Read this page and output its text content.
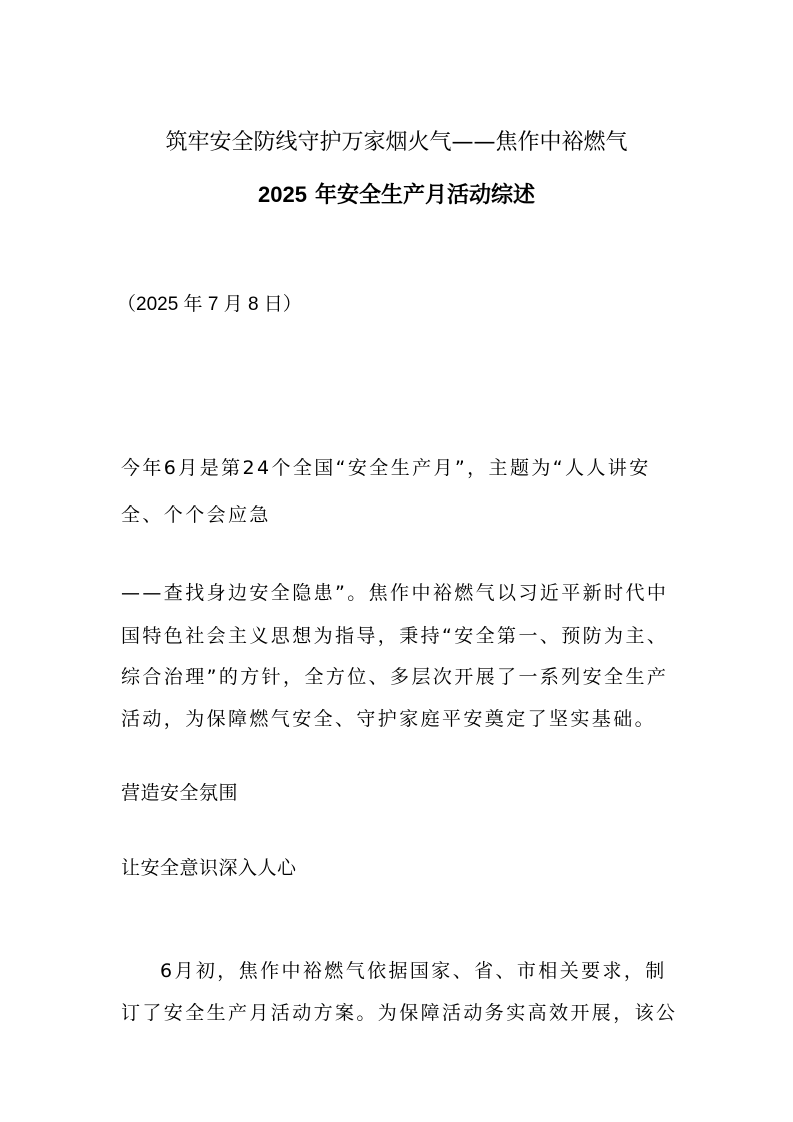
筑牢安全防线守护万家烟火气——焦作中裕燃气
2025 年安全生产月活动综述
（2025 年 7 月 8 日）
今年6月是第24个全国“安全生产月”，主题为“人人讲安
全、个个会应急
——查找身边安全隐患”。焦作中裕燃气以习近平新时代中
国特色社会主义思想为指导，秉持“安全第一、预防为主、
综合治理”的方针，全方位、多层次开展了一系列安全生产
活动，为保障燃气安全、守护家庭平安奠定了坚实基础。
营造安全氛围
让安全意识深入人心
6月初，焦作中裕燃气依据国家、省、市相关要求，制
订了安全生产月活动方案。为保障活动务实高效开展，该公
